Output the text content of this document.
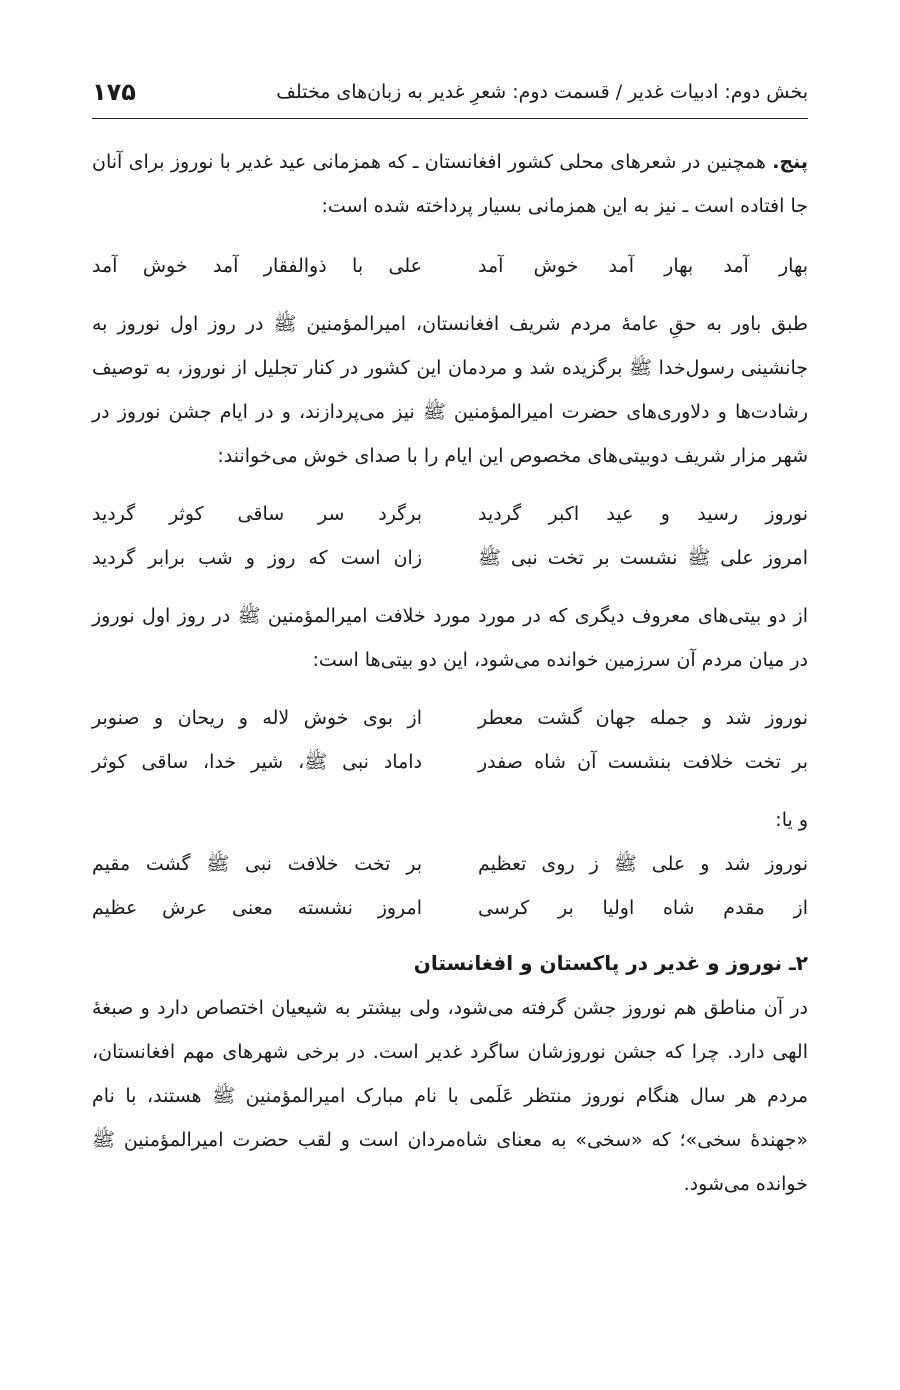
بخش دوم: ادبیات غدیر / قسمت دوم: شعرِ غدیر به زبان‌های مختلف
۱۷۵

پنج. همچنین در شعرهای محلی کشور افغانستان ـ که همزمانی عید غدیر با نوروز برای آنان جا افتاده است ـ نیز به این همزمانی بسیار پرداخته شده است:

بهار آمد بهار آمد خوش آمد
علی با ذوالفقار آمد خوش آمد

طبق باور به حقِ عامهٔ مردم شریف افغانستان، امیرالمؤمنین ﷺ در روز اول نوروز به جانشینی رسول‌خدا ﷺ برگزیده شد و مردمان این کشور در کنار تجلیل از نوروز، به توصیف رشادت‌ها و دلاوری‌های حضرت امیرالمؤمنین ﷺ نیز می‌پردازند، و در ایام جشن نوروز در شهر مزار شریف دوبیتی‌های مخصوص این ایام را با صدای خوش می‌خوانند:

نوروز رسید و عید اکبر گردید
برگرد سر ساقی کوثر گردید
امروز علی ﷺ نشست بر تخت نبی ﷺ
زان است که روز و شب برابر گردید

از دو بیتی‌های معروف دیگری که در مورد مورد خلافت امیرالمؤمنین ﷺ در روز اول نوروز در میان مردم آن سرزمین خوانده می‌شود، این دو بیتی‌ها است:

نوروز شد و جمله جهان گشت معطر
از بوی خوش لاله و ریحان و صنوبر
بر تخت خلافت بنشست آن شاه صفدر
داماد نبی ﷺ، شیر خدا، ساقی کوثر

و یا:

نوروز شد و علی ﷺ ز روی تعظیم
بر تخت خلافت نبی ﷺ گشت مقیم
از مقدم شاه اولیا بر کرسی
امروز نشسته معنی عرش عظیم

۲ـ نوروز و غدیر در پاکستان و افغانستان

در آن مناطق هم نوروز جشن گرفته می‌شود، ولی بیشتر به شیعیان اختصاص دارد و صبغهٔ الهی دارد. چرا که جشن نوروزشان ساگرد غدیر است. در برخی شهرهای مهم افغانستان، مردم هر سال هنگام نوروز منتظر عَلَمی با نام مبارک امیرالمؤمنین ﷺ هستند، با نام «جهندهٔ سخی»؛ که «سخی» به معنای شاه‌مردان است و لقب حضرت امیرالمؤمنین ﷺ خوانده می‌شود.
